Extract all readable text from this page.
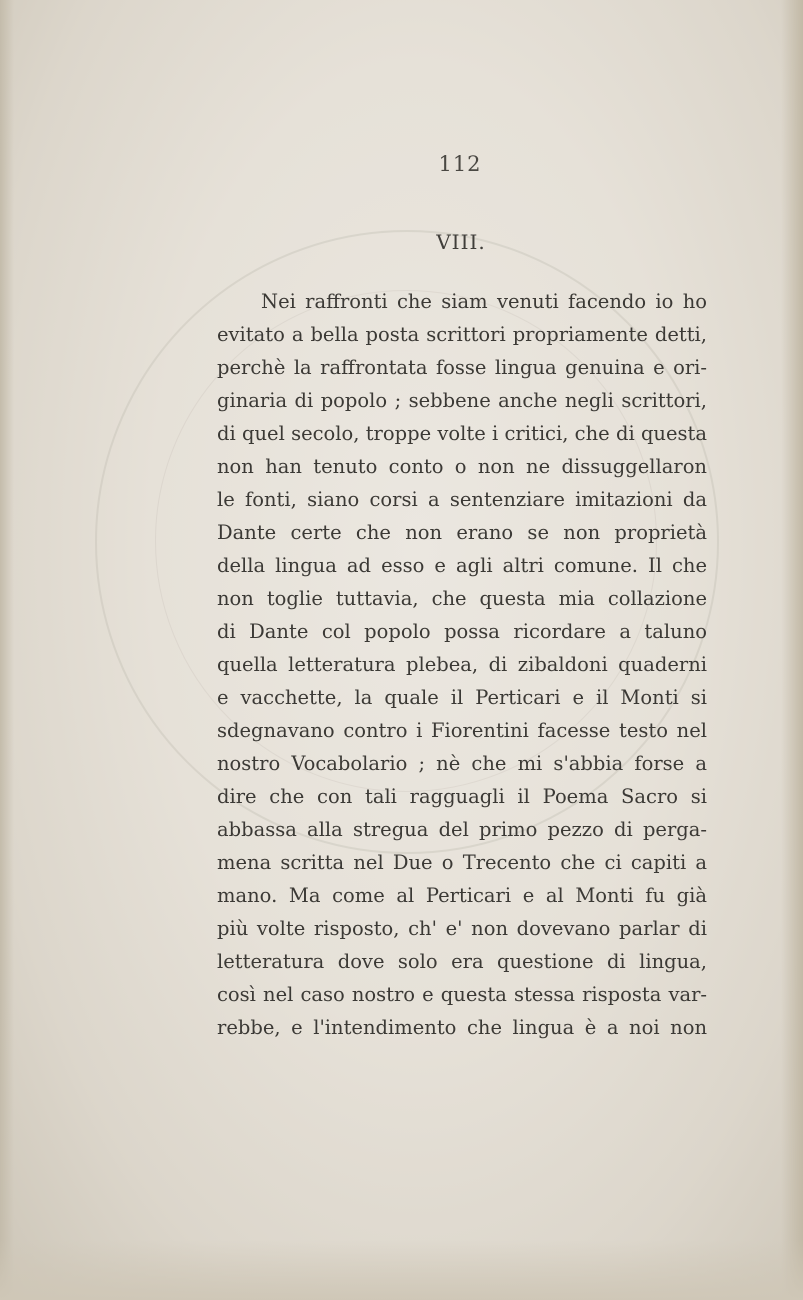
112
VIII.
Nei raffronti che siam venuti facendo io ho
evitato a bella posta scrittori propriamente detti,
perchè la raffrontata fosse lingua genuina e ori-
ginaria di popolo ; sebbene anche negli scrittori,
di quel secolo, troppe volte i critici, che di questa
non han tenuto conto o non ne dissuggellaron
le fonti, siano corsi a sentenziare imitazioni da
Dante certe che non erano se non proprietà
della lingua ad esso e agli altri comune. Il che
non toglie tuttavia, che questa mia collazione
di Dante col popolo possa ricordare a taluno
quella letteratura plebea, di zibaldoni quaderni
e vacchette, la quale il Perticari e il Monti si
sdegnavano contro i Fiorentini facesse testo nel
nostro Vocabolario ; nè che mi s'abbia forse a
dire che con tali ragguagli il Poema Sacro si
abbassa alla stregua del primo pezzo di perga-
mena scritta nel Due o Trecento che ci capiti a
mano. Ma come al Perticari e al Monti fu già
più volte risposto, ch' e' non dovevano parlar di
letteratura dove solo era questione di lingua,
così nel caso nostro e questa stessa risposta var-
rebbe, e l'intendimento che lingua è a noi non
